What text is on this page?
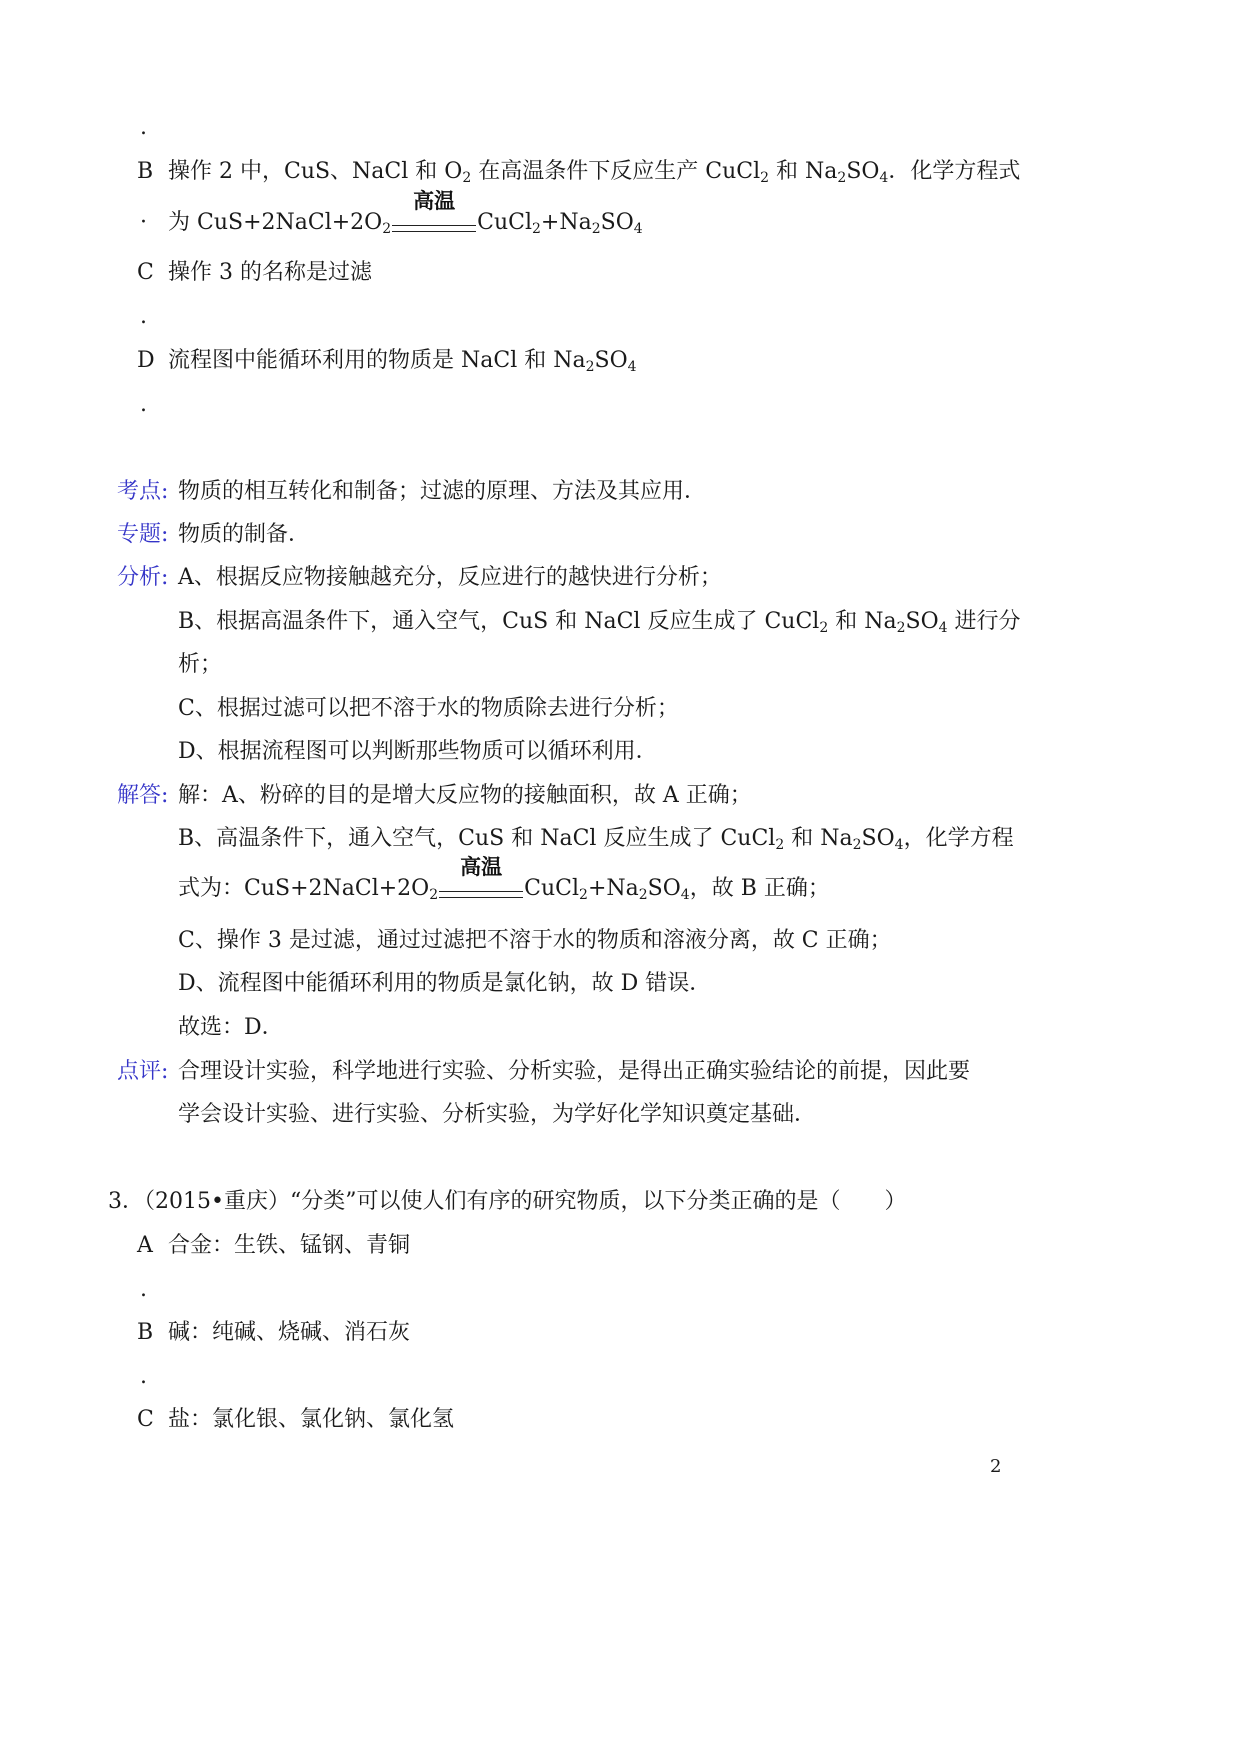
.
B 操作 2 中，CuS、NaCl 和 $O_2$ 在高温条件下反应生产 CuCl$_2$ 和 $Na_2SO_4$．化学方程式
· 为 $CuS+2NaCl+2O_2$
高温
$CuCl_2+Na_2SO_4$
C 操作 3 的名称是过滤
.
D 流程图中能循环利用的物质是 NaCl 和 $Na_2SO_4$
.
考点: 物质的相互转化和制备；过滤的原理、方法及其应用．
专题: 物质的制备．
分析: A、根据反应物接触越充分，反应进行的越快进行分析；
B、根据高温条件下，通入空气，CuS 和 NaCl 反应生成了 CuCl$_2$ 和 $Na_2SO_4$ 进行分
析；
C、根据过滤可以把不溶于水的物质除去进行分析；
D、根据流程图可以判断那些物质可以循环利用．
解答: 解：A、粉碎的目的是增大反应物的接触面积，故 A 正确；
B、高温条件下，通入空气，CuS 和 NaCl 反应生成了 CuCl$_2$ 和 $Na_2SO_4$，化学方程
式为：$CuS+2NaCl+2O_2$
高温
$CuCl_2+Na_2SO_4$，故 B 正确；
C、操作 3 是过滤，通过过滤把不溶于水的物质和溶液分离，故 C 正确；
D、流程图中能循环利用的物质是氯化钠，故 D 错误．
故选：D．
点评: 合理设计实验，科学地进行实验、分析实验，是得出正确实验结论的前提，因此要
学会设计实验、进行实验、分析实验，为学好化学知识奠定基础．
3．（2015•重庆）“分类”可以使人们有序的研究物质，以下分类正确的是（　　）
A 合金：生铁、锰钢、青铜
.
B 碱：纯碱、烧碱、消石灰
.
C 盐：氯化银、氯化钠、氯化氢
2
